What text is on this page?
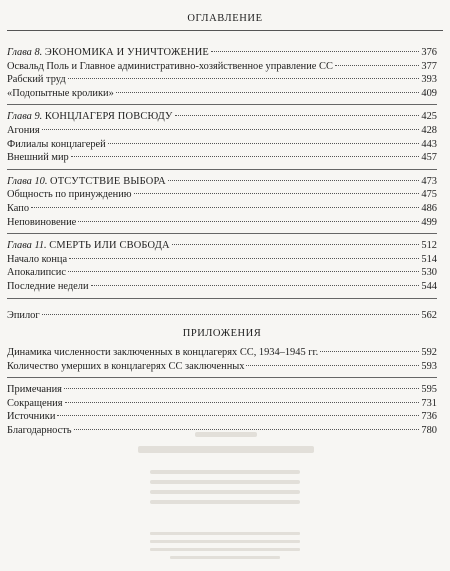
ОГЛАВЛЕНИЕ
Глава 8. ЭКОНОМИКА И УНИЧТОЖЕНИЕ	376
Освальд Поль и Главное административно-хозяйственное управление СС	377
Рабский труд	393
«Подопытные кролики»	409
Глава 9. КОНЦЛАГЕРЯ ПОВСЮДУ	425
Агония	428
Филиалы концлагерей	443
Внешний мир	457
Глава 10. ОТСУТСТВИЕ ВЫБОРА	473
Общность по принуждению	475
Капо	486
Неповиновение	499
Глава 11. СМЕРТЬ ИЛИ СВОБОДА	512
Начало конца	514
Апокалипсис	530
Последние недели	544
Эпилог	562
ПРИЛОЖЕНИЯ
Динамика численности заключенных в концлагерях СС, 1934–1945 гг.	592
Количество умерших в концлагерях СС заключенных	593
Примечания	595
Сокращения	731
Источники	736
Благодарность	780
